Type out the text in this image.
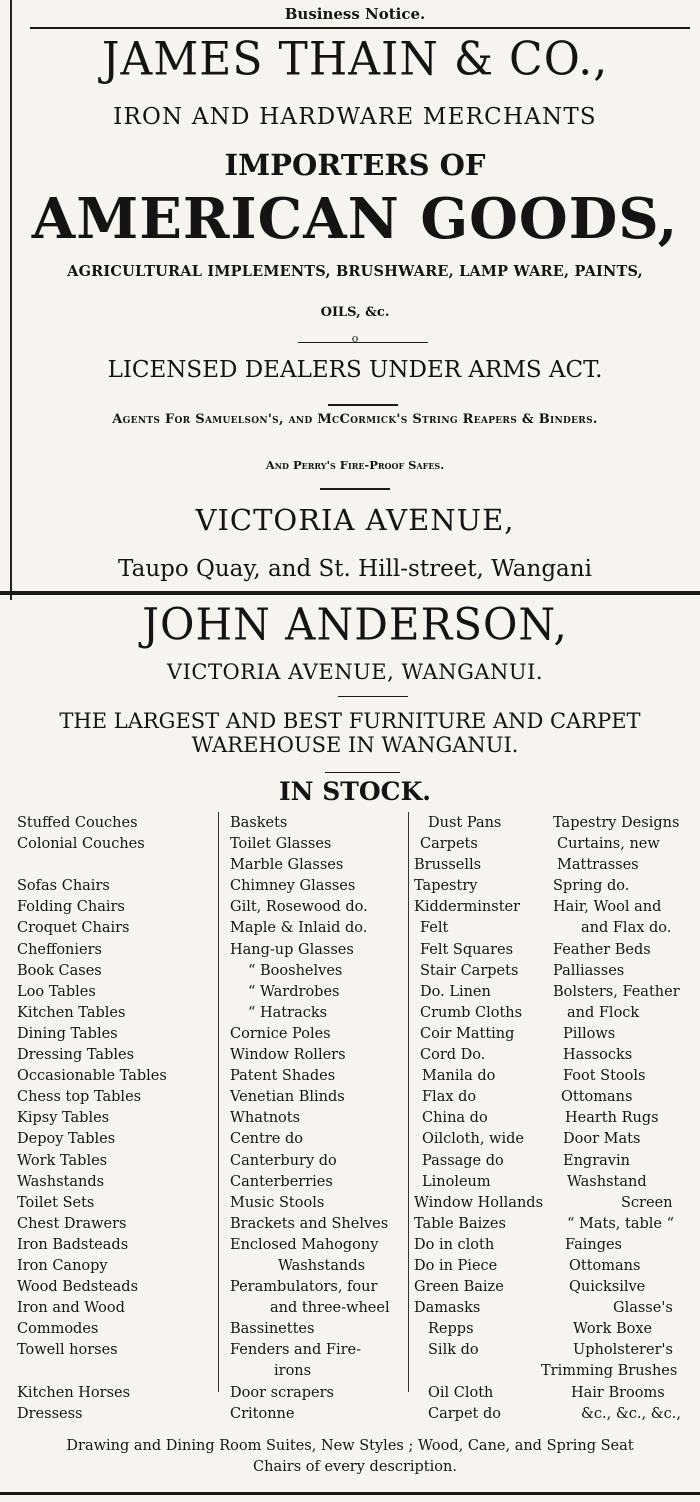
Business Notice.
JAMES THAIN & CO.,
IRON AND HARDWARE MERCHANTS
IMPORTERS OF
AMERICAN GOODS,
AGRICULTURAL IMPLEMENTS, BRUSHWARE, LAMP WARE, PAINTS,
OILS, &c.
o
LICENSED DEALERS UNDER ARMS ACT.
Agents For Samuelson's, and McCormick's String Reapers & Binders.
And Perry's Fire-Proof Safes.
VICTORIA AVENUE,
Taupo Quay, and St. Hill-street, Wangani
JOHN ANDERSON,
VICTORIA AVENUE, WANGANUI.
THE LARGEST AND BEST FURNITURE AND CARPET
WAREHOUSE IN WANGANUI.
IN STOCK.
Stuffed Couches
Colonial Couches
Sofas Chairs
Folding Chairs
Croquet Chairs
Cheffoniers
Book Cases
Loo Tables
Kitchen Tables
Dining Tables
Dressing Tables
Occasionable Tables
Chess top Tables
Kipsy Tables
Depoy Tables
Work Tables
Washstands
Toilet Sets
Chest Drawers
Iron Badsteads
Iron Canopy
Wood Bedsteads
Iron and Wood
Commodes
Towell horses
Kitchen Horses
Dressess
Baskets
Toilet Glasses
Marble Glasses
Chimney Glasses
Gilt, Rosewood do.
Maple & Inlaid do.
Hang-up Glasses
“ Booshelves
“ Wardrobes
“ Hatracks
Cornice Poles
Window Rollers
Patent Shades
Venetian Blinds
Whatnots
Centre do
Canterbury do
Canterberries
Music Stools
Brackets and Shelves
Enclosed Mahogony
Washstands
Perambulators, four
and three-wheel
Bassinettes
Fenders and Fire-
irons
Door scrapers
Critonne
Dust Pans
Carpets
Brussells
Tapestry
Kidderminster
Felt
Felt Squares
Stair Carpets
Do. Linen
Crumb Cloths
Coir Matting
Cord Do.
Manila do
Flax do
China do
Oilcloth, wide
Passage do
Linoleum
Window Hollands
Table Baizes
Do in cloth
Do in Piece
Green Baize
Damasks
Repps
Silk do
Oil Cloth
Carpet do
Tapestry Designs
Curtains, new
Mattrasses
Spring do.
Hair, Wool and
and Flax do.
Feather Beds
Palliasses
Bolsters, Feather
and Flock
Pillows
Hassocks
Foot Stools
Ottomans
Hearth Rugs
Door Mats
Engravin
Washstand
Screen
“ Mats, table “
Fainges
Ottomans
Quicksilve
Glasse's
Work Boxe
Upholsterer's
Trimming Brushes
Hair Brooms
&c., &c., &c.,
Drawing and Dining Room Suites, New Styles ; Wood, Cane, and Spring Seat
Chairs of every description.
